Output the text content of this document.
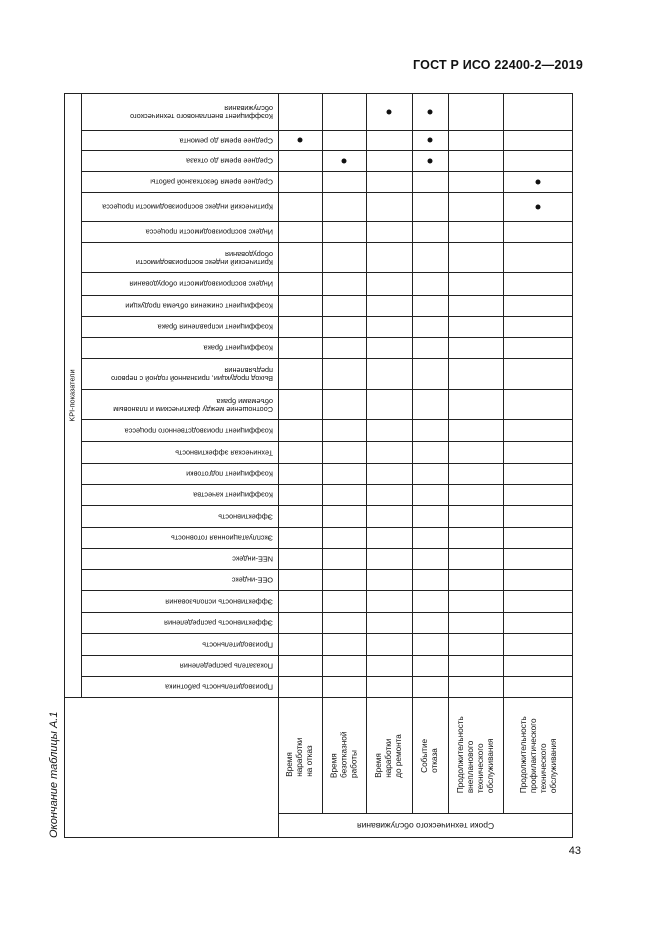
ГОСТ Р ИСО 22400-2—2019
Окончание таблицы А.1
43
KPI-показатели
Сроки технического обслуживания
Коэффициент внепланового технического обслуживания
Среднее время до ремонта
Среднее время до отказа
Среднее время безотказной работы
Критический индекс воспроизводимости процесса
Индекс воспроизводимости процесса
Критический индекс воспроизводимости оборудования
Индекс воспроизводимости оборудования
Коэффициент снижения объема продукции
Коэффициент исправления брака
Коэффициент брака
Выход продукции, признанной годной с первого предъявления
Соотношение между фактическим и плановым объемами брака
Коэффициент производственного процесса
Техническая эффективность
Коэффициент подготовки
Коэффициент качества
Эффективность
Эксплуатационная готовность
NEE-индекс
OEE-индекс
Эффективность использования
Эффективность распределения
Производительность
Показатель распределения
Производительность работника
Время наработки на отказ Время безотказной работы Время наработки до ремонта Событие отказа Продолжительность внепланового технического обслуживания	Продолжительность профилактического технического обслуживания
